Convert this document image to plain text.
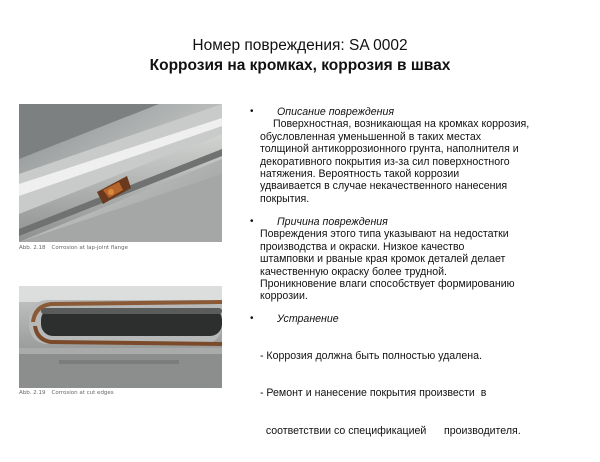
Номер повреждения: SA 0002
Коррозия на кромках, коррозия в швах
Abb. 2.18 Corrosion at lap-joint flange
Abb. 2.19 Corrosion at cut edges
•	Описание повреждения
Поверхностная, возникающая на кромках коррозия,
обусловленная уменьшенной в таких местах
толщиной антикоррозионного грунта, наполнителя и
декоративного покрытия из-за сил поверхностного
натяжения. Вероятность такой коррозии
удваивается в случае некачественного нанесения
покрытия.
•	Причина повреждения
Повреждения этого типа указывают на недостатки
производства и окраски. Низкое качество
штамповки и рваные края кромок деталей делает
качественную окраску более трудной.
Проникновение влаги способствует формированию
коррозии.
•	Устранение

- Коррозия должна быть полностью удалена.

- Ремонт и нанесение покрытия произвести  в

соответствии со спецификацией      производителя.
